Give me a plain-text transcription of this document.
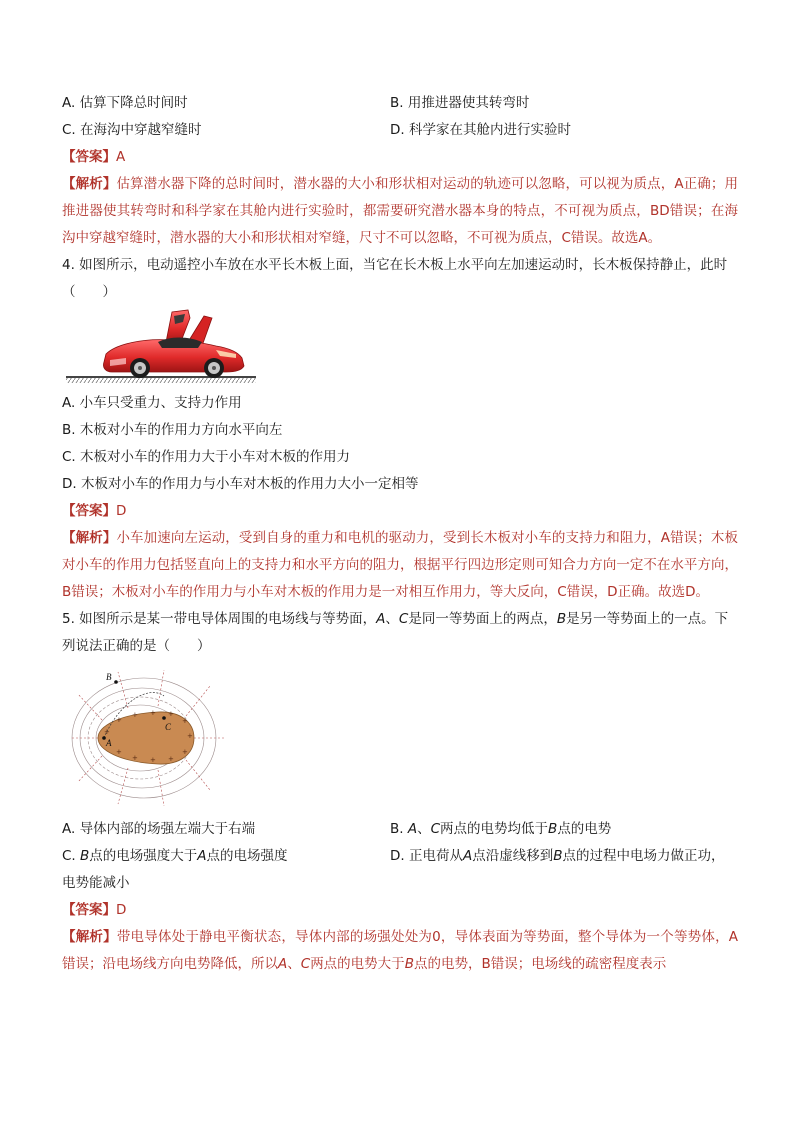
A. 估算下降总时间时	B. 用推进器使其转弯时
C. 在海沟中穿越窄缝时	D. 科学家在其舱内进行实验时
【答案】A
【解析】估算潜水器下降的总时间时，潜水器的大小和形状相对运动的轨迹可以忽略，可以视为质点，A正确；用推进器使其转弯时和科学家在其舱内进行实验时，都需要研究潜水器本身的特点，不可视为质点，BD错误；在海沟中穿越窄缝时，潜水器的大小和形状相对窄缝，尺寸不可以忽略，不可视为质点，C错误。故选A。
4. 如图所示，电动遥控小车放在水平长木板上面，当它在长木板上水平向左加速运动时，长木板保持静止，此时（　　）
A. 小车只受重力、支持力作用
B. 木板对小车的作用力方向水平向左
C. 木板对小车的作用力大于小车对木板的作用力
D. 木板对小车的作用力与小车对木板的作用力大小一定相等
【答案】D
【解析】小车加速向左运动，受到自身的重力和电机的驱动力，受到长木板对小车的支持力和阻力，A错误；木板对小车的作用力包括竖直向上的支持力和水平方向的阻力，根据平行四边形定则可知合力方向一定不在水平方向，B错误；木板对小车的作用力与小车对木板的作用力是一对相互作用力，等大反向，C错误，D正确。故选D。
5. 如图所示是某一带电导体周围的电场线与等势面，A、C是同一等势面上的两点，B是另一等势面上的一点。下列说法正确的是（　　）
+
+
+ + +
+
+
+
+
+
+
+
B
C
A
A. 导体内部的场强左端大于右端	B. A、C两点的电势均低于B点的电势
C. B点的电场强度大于A点的电场强度	D. 正电荷从A点沿虚线移到B点的过程中电场力做正功，
电势能减小
【答案】D
【解析】带电导体处于静电平衡状态，导体内部的场强处处为0，导体表面为等势面，整个导体为一个等势体，A错误；沿电场线方向电势降低，所以A、C两点的电势大于B点的电势，B错误；电场线的疏密程度表示
